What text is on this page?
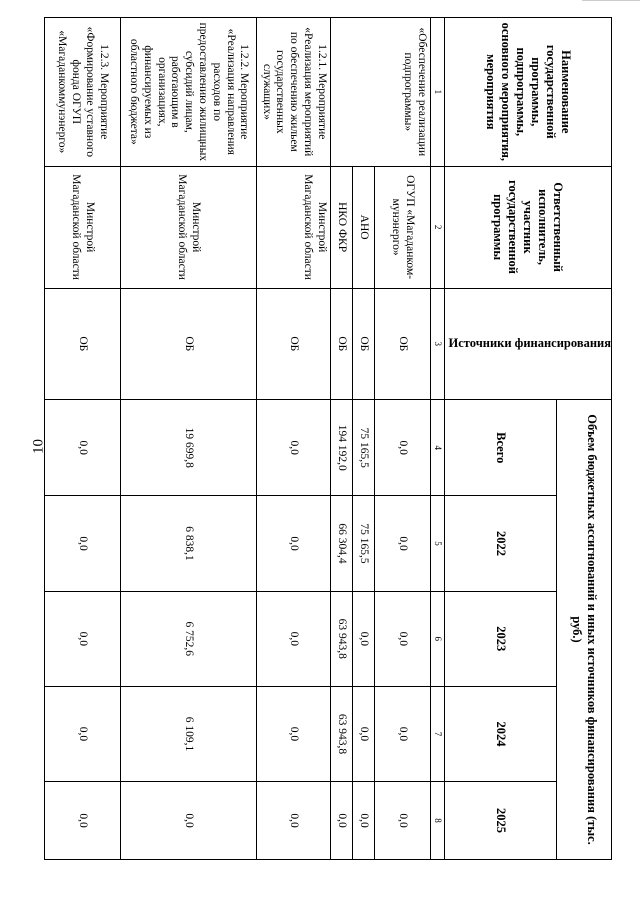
10
Наименование государственной программы, подпрограммы, основного мероприятия, мероприятия	Ответственный исполнитель, участник государственной программы	Источники финансирования	Объем бюджетных ассигнований и иных источников финансирования (тыс. руб.)				
			Всего	2022	2023	2024	2025
1	2	3	4	5	6	7	8
«Обеспечение реализации подпрограммы»	ОГУП «Магаданком-мунэнерго»	ОБ	0,0	0,0	0,0	0,0	0,0
	АНО	ОБ	75 165,5	75 165,5	0,0	0,0	0,0
	НКО ФКР	ОБ	194 192,0	66 304,4	63 943,8	63 943,8	0,0
1.2.1. Мероприятие «Реализация мероприятий по обеспечению жильем государственных служащих»	Минстрой Магаданской области	ОБ	0,0	0,0	0,0	0,0	0,0
1.2.2. Мероприятие «Реализация направления расходов по предоставлению жилищных субсидий лицам, работающим в организациях, финансируемых из областного бюджета»	Минстрой Магаданской области	ОБ	19 699,8	6 838,1	6 752,6	6 109,1	0,0
1.2.3. Мероприятие «Формирование уставного фонда ОГУП «Магаданкоммунэнерго»	Минстрой Магаданской области	ОБ	0,0	0,0	0,0	0,0	0,0
